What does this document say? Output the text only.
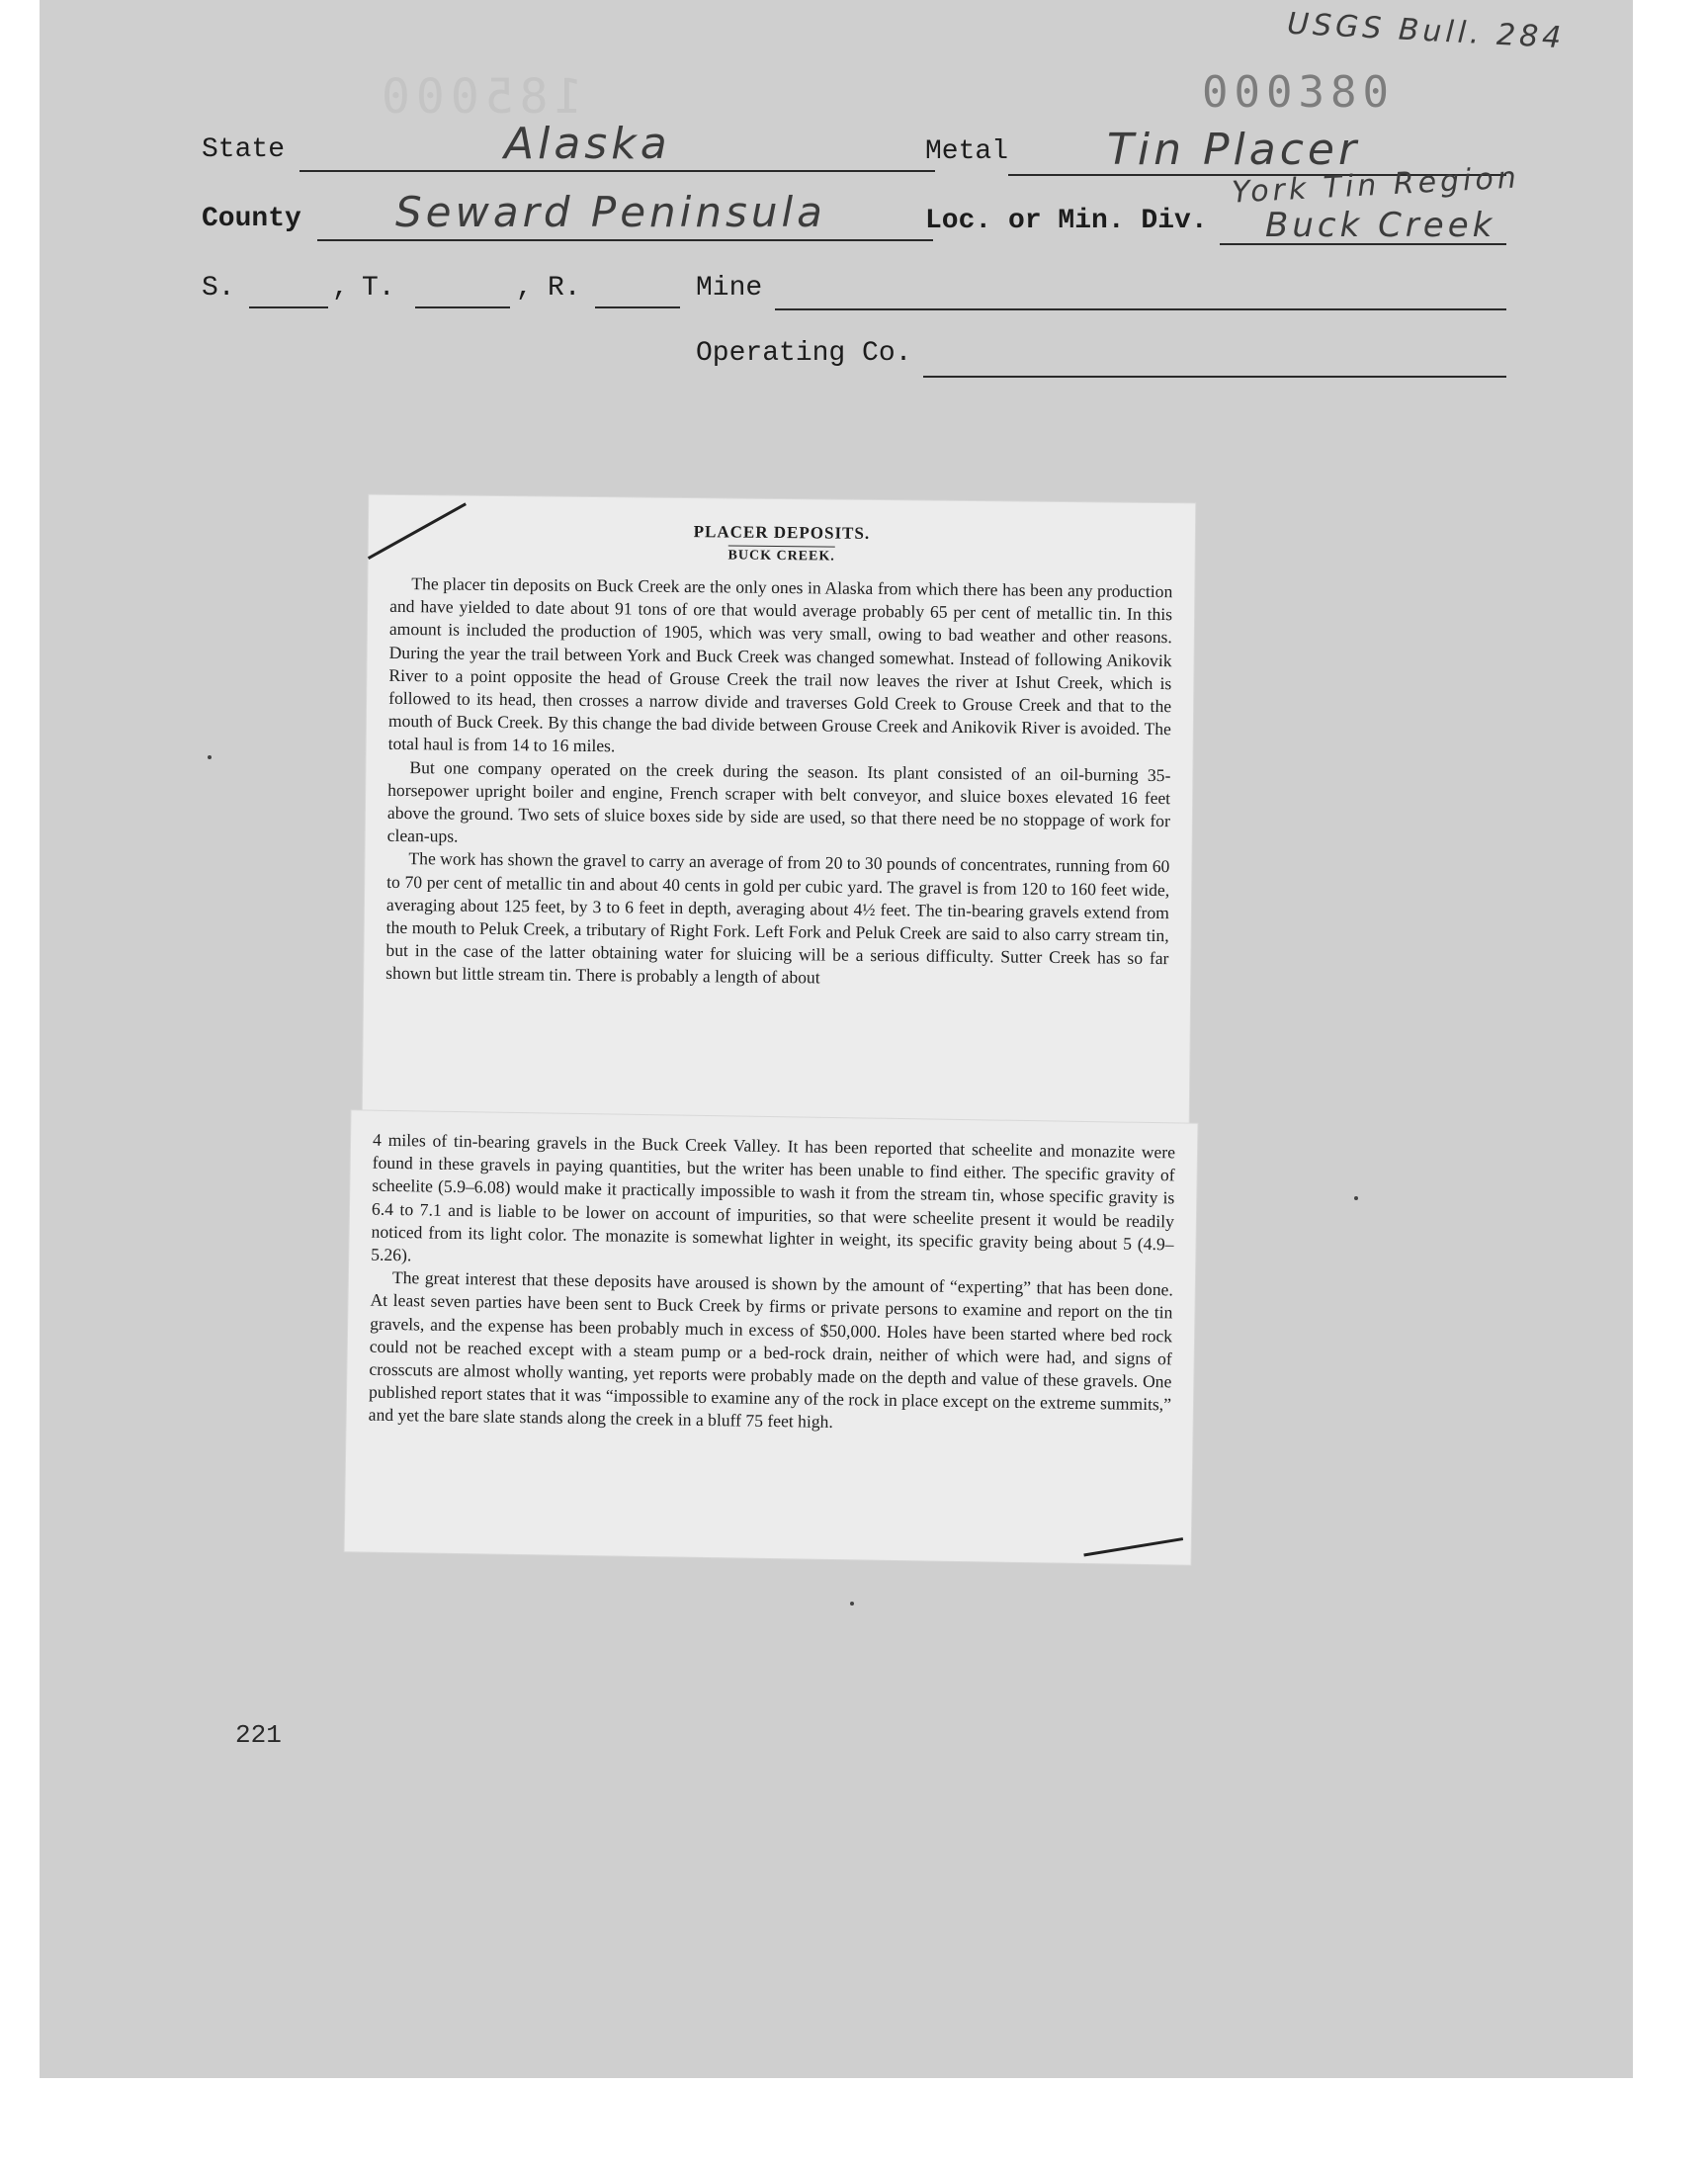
USGS Bull. 284
185000	000380
State	Alaska	Metal Tin Placer
County Seward Peninsula	Loc. or Min. Div.
York Tin Region
Buck Creek
S.	, T.	, R.	Mine
Operating Co.
PLACER DEPOSITS.
BUCK CREEK.

The placer tin deposits on Buck Creek are the only ones in Alaska from which there has been any production and have yielded to date about 91 tons of ore that would average probably 65 per cent of metallic tin. In this amount is included the production of 1905, which was very small, owing to bad weather and other reasons. During the year the trail between York and Buck Creek was changed somewhat. Instead of following Anikovik River to a point opposite the head of Grouse Creek the trail now leaves the river at Ishut Creek, which is followed to its head, then crosses a narrow divide and traverses Gold Creek to Grouse Creek and that to the mouth of Buck Creek. By this change the bad divide between Grouse Creek and Anikovik River is avoided. The total haul is from 14 to 16 miles.

But one company operated on the creek during the season. Its plant consisted of an oil-burning 35-horsepower upright boiler and engine, French scraper with belt conveyor, and sluice boxes elevated 16 feet above the ground. Two sets of sluice boxes side by side are used, so that there need be no stoppage of work for clean-ups.

The work has shown the gravel to carry an average of from 20 to 30 pounds of concentrates, running from 60 to 70 per cent of metallic tin and about 40 cents in gold per cubic yard. The gravel is from 120 to 160 feet wide, averaging about 125 feet, by 3 to 6 feet in depth, averaging about 4½ feet. The tin-bearing gravels extend from the mouth to Peluk Creek, a tributary of Right Fork. Left Fork and Peluk Creek are said to also carry stream tin, but in the case of the latter obtaining water for sluicing will be a serious difficulty. Sutter Creek has so far shown but little stream tin. There is probably a length of about

4 miles of tin-bearing gravels in the Buck Creek Valley. It has been reported that scheelite and monazite were found in these gravels in paying quantities, but the writer has been unable to find either. The specific gravity of scheelite (5.9–6.08) would make it practically impossible to wash it from the stream tin, whose specific gravity is 6.4 to 7.1 and is liable to be lower on account of impurities, so that were scheelite present it would be readily noticed from its light color. The monazite is somewhat lighter in weight, its specific gravity being about 5 (4.9–5.26).

The great interest that these deposits have aroused is shown by the amount of “experting” that has been done. At least seven parties have been sent to Buck Creek by firms or private persons to examine and report on the tin gravels, and the expense has been probably much in excess of $50,000. Holes have been started where bed rock could not be reached except with a steam pump or a bed-rock drain, neither of which were had, and signs of crosscuts are almost wholly wanting, yet reports were probably made on the depth and value of these gravels. One published report states that it was “impossible to examine any of the rock in place except on the extreme summits,” and yet the bare slate stands along the creek in a bluff 75 feet high.

221
